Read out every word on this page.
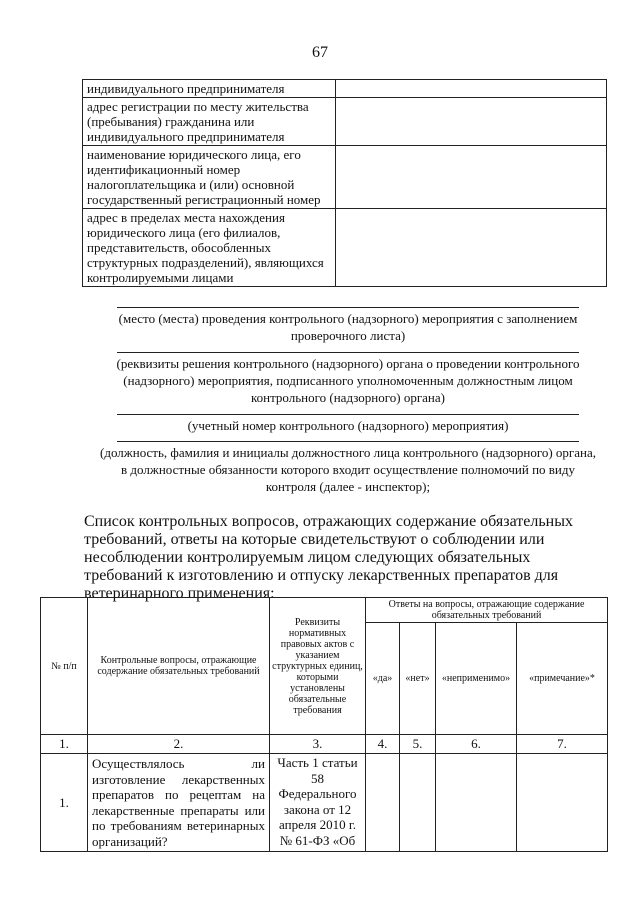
67
индивидуального предпринимателя	
адрес регистрации по месту жительства (пребывания) гражданина или индивидуального предпринимателя	
наименование юридического лица, его идентификационный номер налогоплательщика и (или) основной государственный регистрационный номер	
адрес в пределах места нахождения юридического лица (его филиалов, представительств, обособленных структурных подразделений), являющихся контролируемыми лицами	
(место (места) проведения контрольного (надзорного) мероприятия с заполнением проверочного листа)
(реквизиты решения контрольного (надзорного) органа о проведении контрольного (надзорного) мероприятия, подписанного уполномоченным должностным лицом контрольного (надзорного) органа)
(учетный номер контрольного (надзорного) мероприятия)
(должность, фамилия и инициалы должностного лица контрольного (надзорного) органа, в должностные обязанности которого входит осуществление полномочий по виду контроля (далее - инспектор);
Список контрольных вопросов, отражающих содержание обязательных требований, ответы на которые свидетельствуют о соблюдении или несоблюдении контролируемым лицом следующих обязательных требований к изготовлению и отпуску лекарственных препаратов для ветеринарного применения:
№ п/п	Контрольные вопросы, отражающие содержание обязательных требований	Реквизиты нормативных правовых актов с указанием структурных единиц, которыми установлены обязательные требования	Ответы на вопросы, отражающие содержание обязательных требований			
			«да»	«нет»	«неприменимо»	«примечание»*
1.	2.	3.	4.	5.	6.	7.
1.	Осуществлялось ли изготовление лекарственных препаратов по рецептам на лекарственные препараты или по требованиям ветеринарных организаций?	Часть 1 статьи 58 Федерального закона от 12 апреля 2010 г. № 61-ФЗ «Об				
